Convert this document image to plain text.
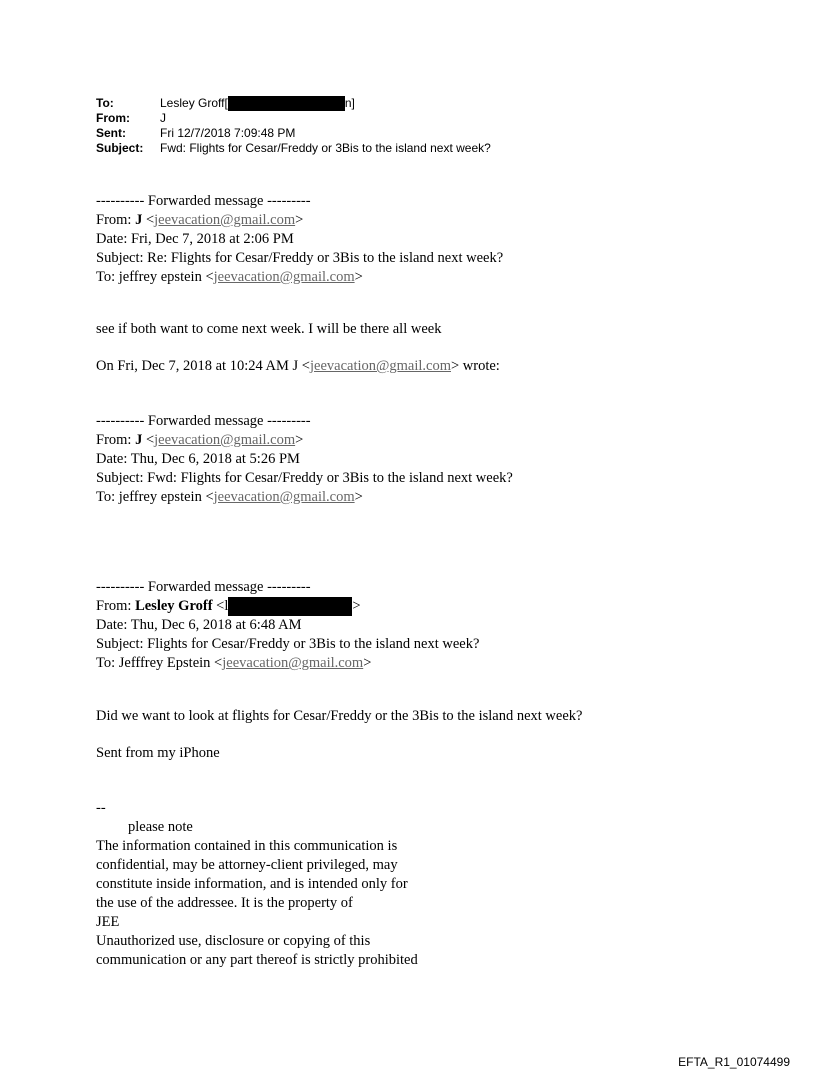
To:	Lesley Groff[	n]
From:	J
Sent:	Fri 12/7/2018 7:09:48 PM
Subject:	Fwd: Flights for Cesar/Freddy or 3Bis to the island next week?
---------- Forwarded message ---------
From: J <jeevacation@gmail.com>
Date: Fri, Dec 7, 2018 at 2:06 PM
Subject: Re: Flights for Cesar/Freddy or 3Bis to the island next week?
To: jeffrey epstein <jeevacation@gmail.com>
see if both want to come next week. I will be there all week
On Fri, Dec 7, 2018 at 10:24 AM J <jeevacation@gmail.com> wrote:
---------- Forwarded message ---------
From: J <jeevacation@gmail.com>
Date: Thu, Dec 6, 2018 at 5:26 PM
Subject: Fwd: Flights for Cesar/Freddy or 3Bis to the island next week?
To: jeffrey epstein <jeevacation@gmail.com>
---------- Forwarded message ---------
From: Lesley Groff <l	>
Date: Thu, Dec 6, 2018 at 6:48 AM
Subject: Flights for Cesar/Freddy or 3Bis to the island next week?
To: Jefffrey Epstein <jeevacation@gmail.com>
Did we want to look at flights for Cesar/Freddy or the 3Bis to the island next week?
Sent from my iPhone
--
please note
The information contained in this communication is
confidential, may be attorney-client privileged, may
constitute inside information, and is intended only for
the use of the addressee. It is the property of
JEE
Unauthorized use, disclosure or copying of this
communication or any part thereof is strictly prohibited
EFTA_R1_01074499
